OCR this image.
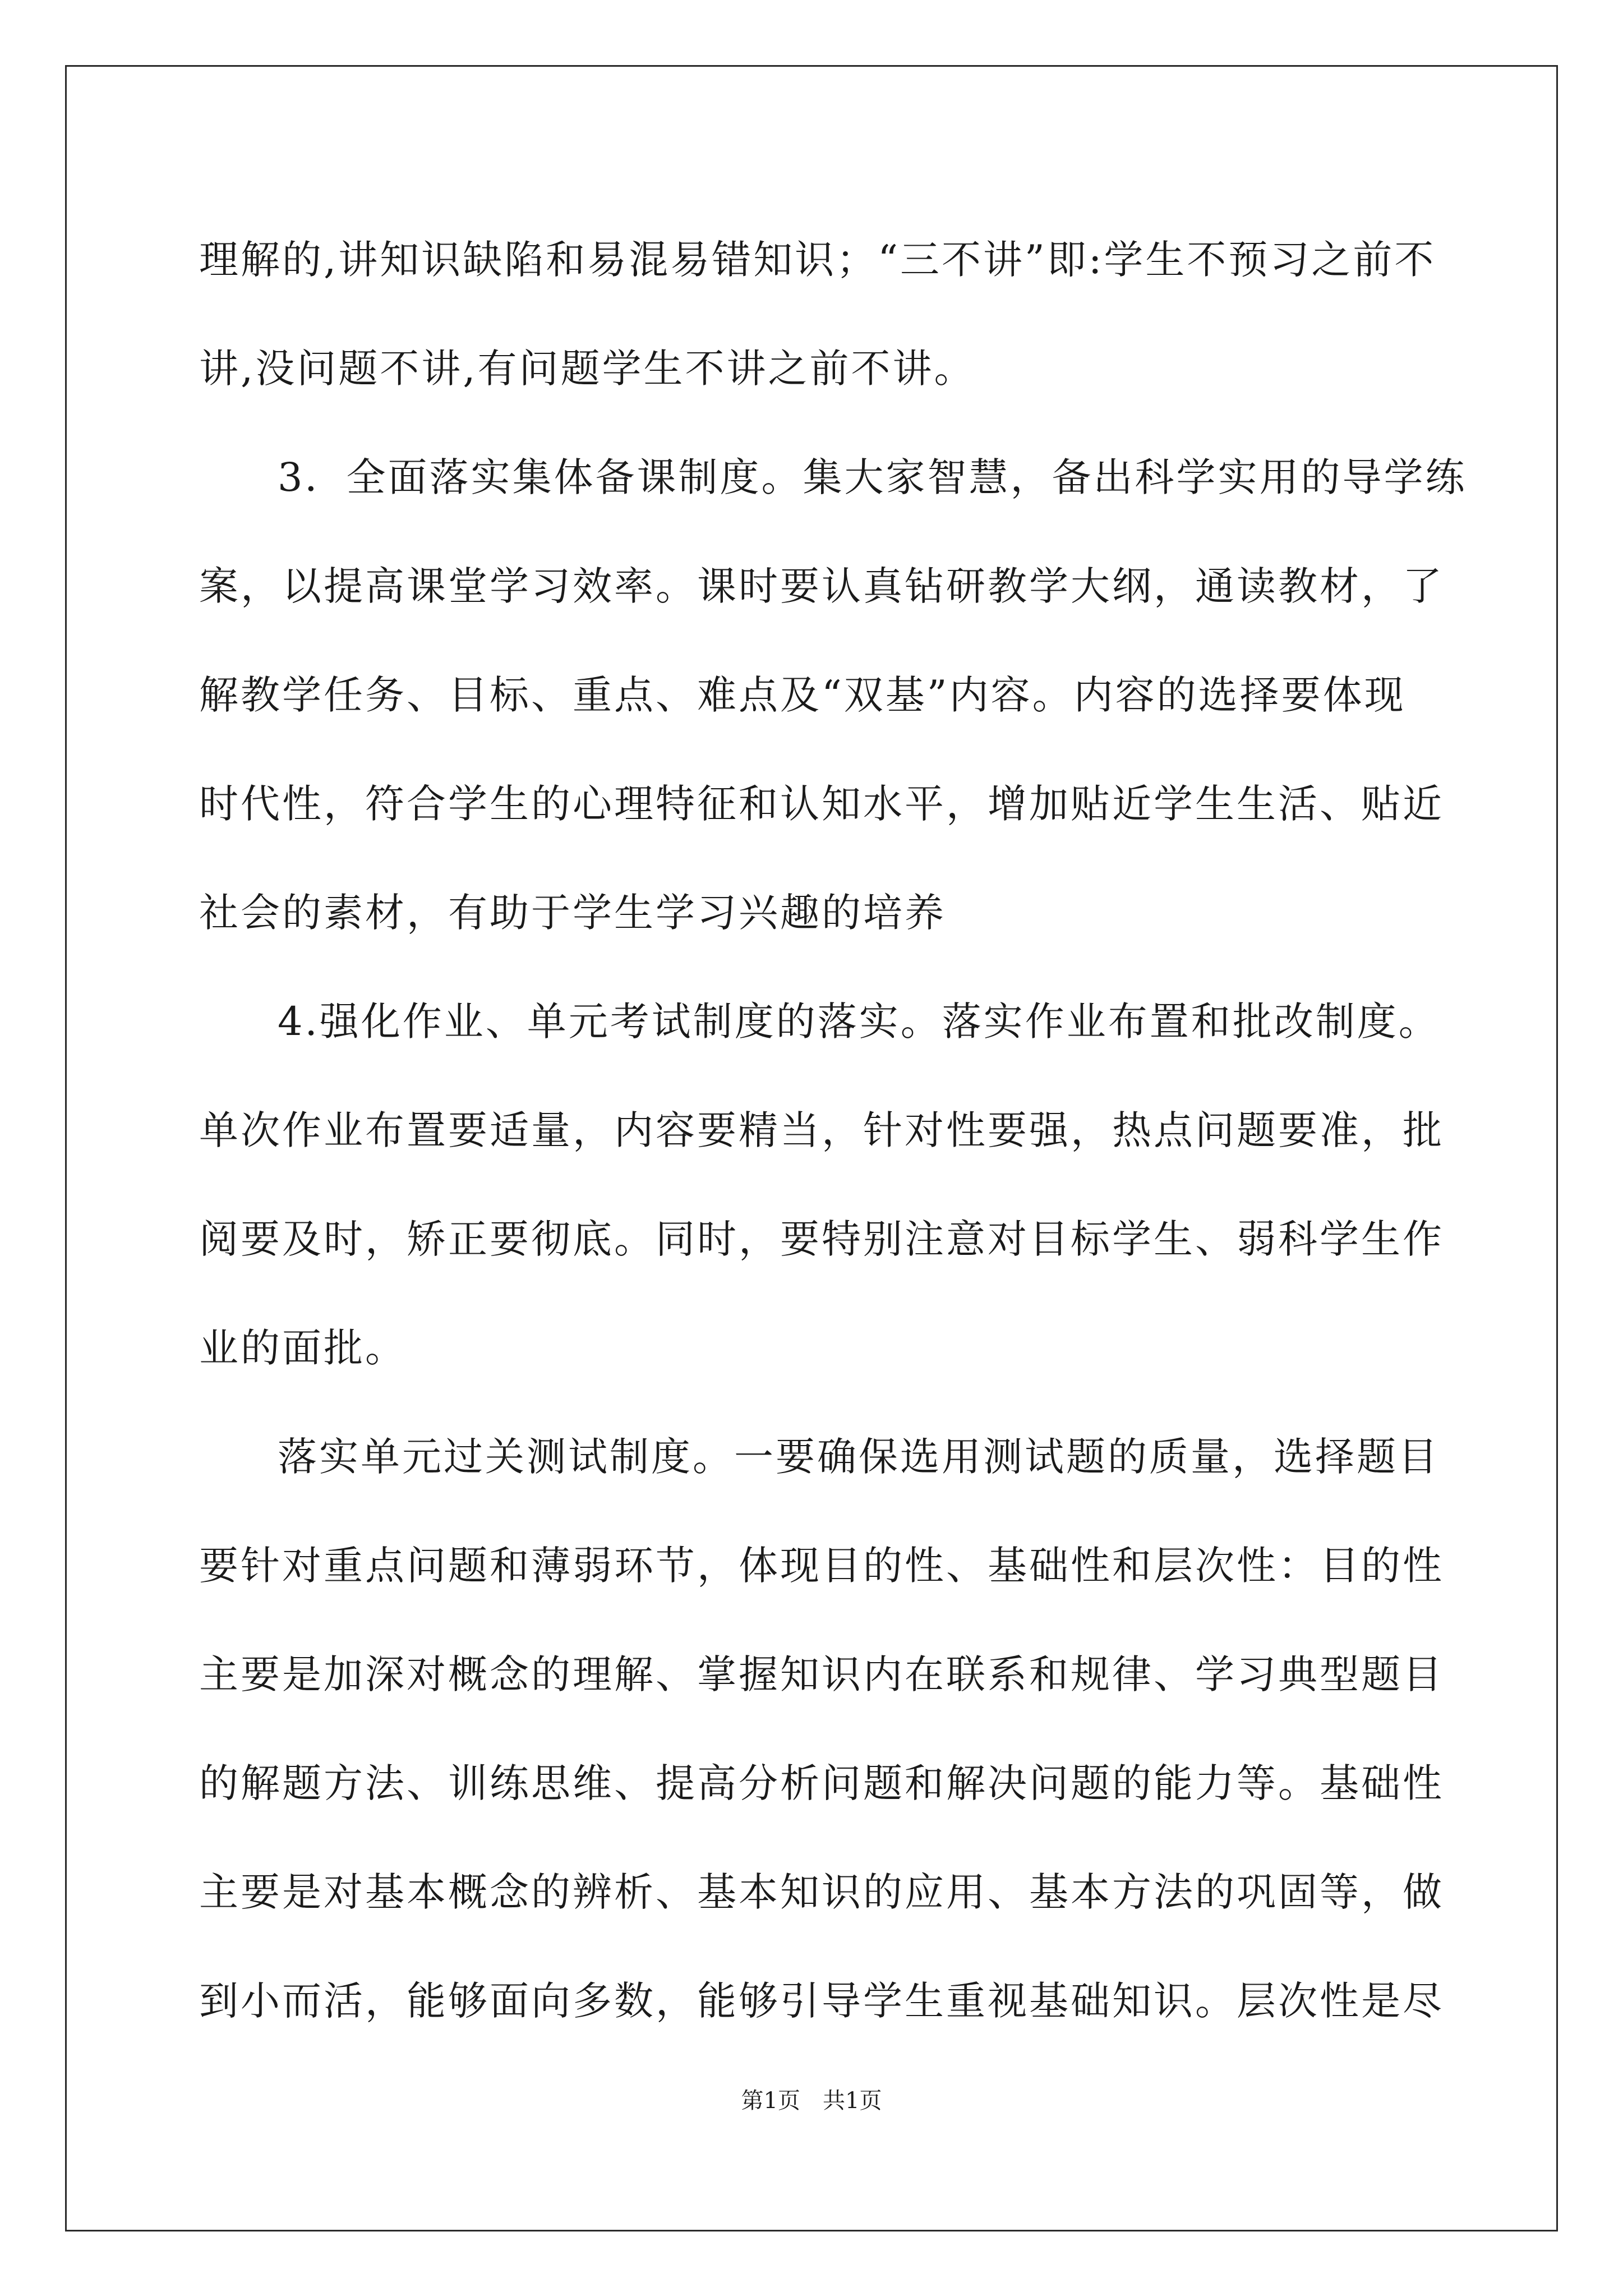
理解的,讲知识缺陷和易混易错知识；“三不讲”即:学生不预习之前不
讲,没问题不讲,有问题学生不讲之前不讲。
3．全面落实集体备课制度。集大家智慧，备出科学实用的导学练
案，以提高课堂学习效率。课时要认真钻研教学大纲，通读教材，了
解教学任务、目标、重点、难点及“双基”内容。内容的选择要体现
时代性，符合学生的心理特征和认知水平，增加贴近学生生活、贴近
社会的素材，有助于学生学习兴趣的培养
4.强化作业、单元考试制度的落实。落实作业布置和批改制度。
单次作业布置要适量，内容要精当，针对性要强，热点问题要准，批
阅要及时，矫正要彻底。同时，要特别注意对目标学生、弱科学生作
业的面批。
落实单元过关测试制度。一要确保选用测试题的质量，选择题目
要针对重点问题和薄弱环节，体现目的性、基础性和层次性：目的性
主要是加深对概念的理解、掌握知识内在联系和规律、学习典型题目
的解题方法、训练思维、提高分析问题和解决问题的能力等。基础性
主要是对基本概念的辨析、基本知识的应用、基本方法的巩固等，做
到小而活，能够面向多数，能够引导学生重视基础知识。层次性是尽
第1页　共1页
